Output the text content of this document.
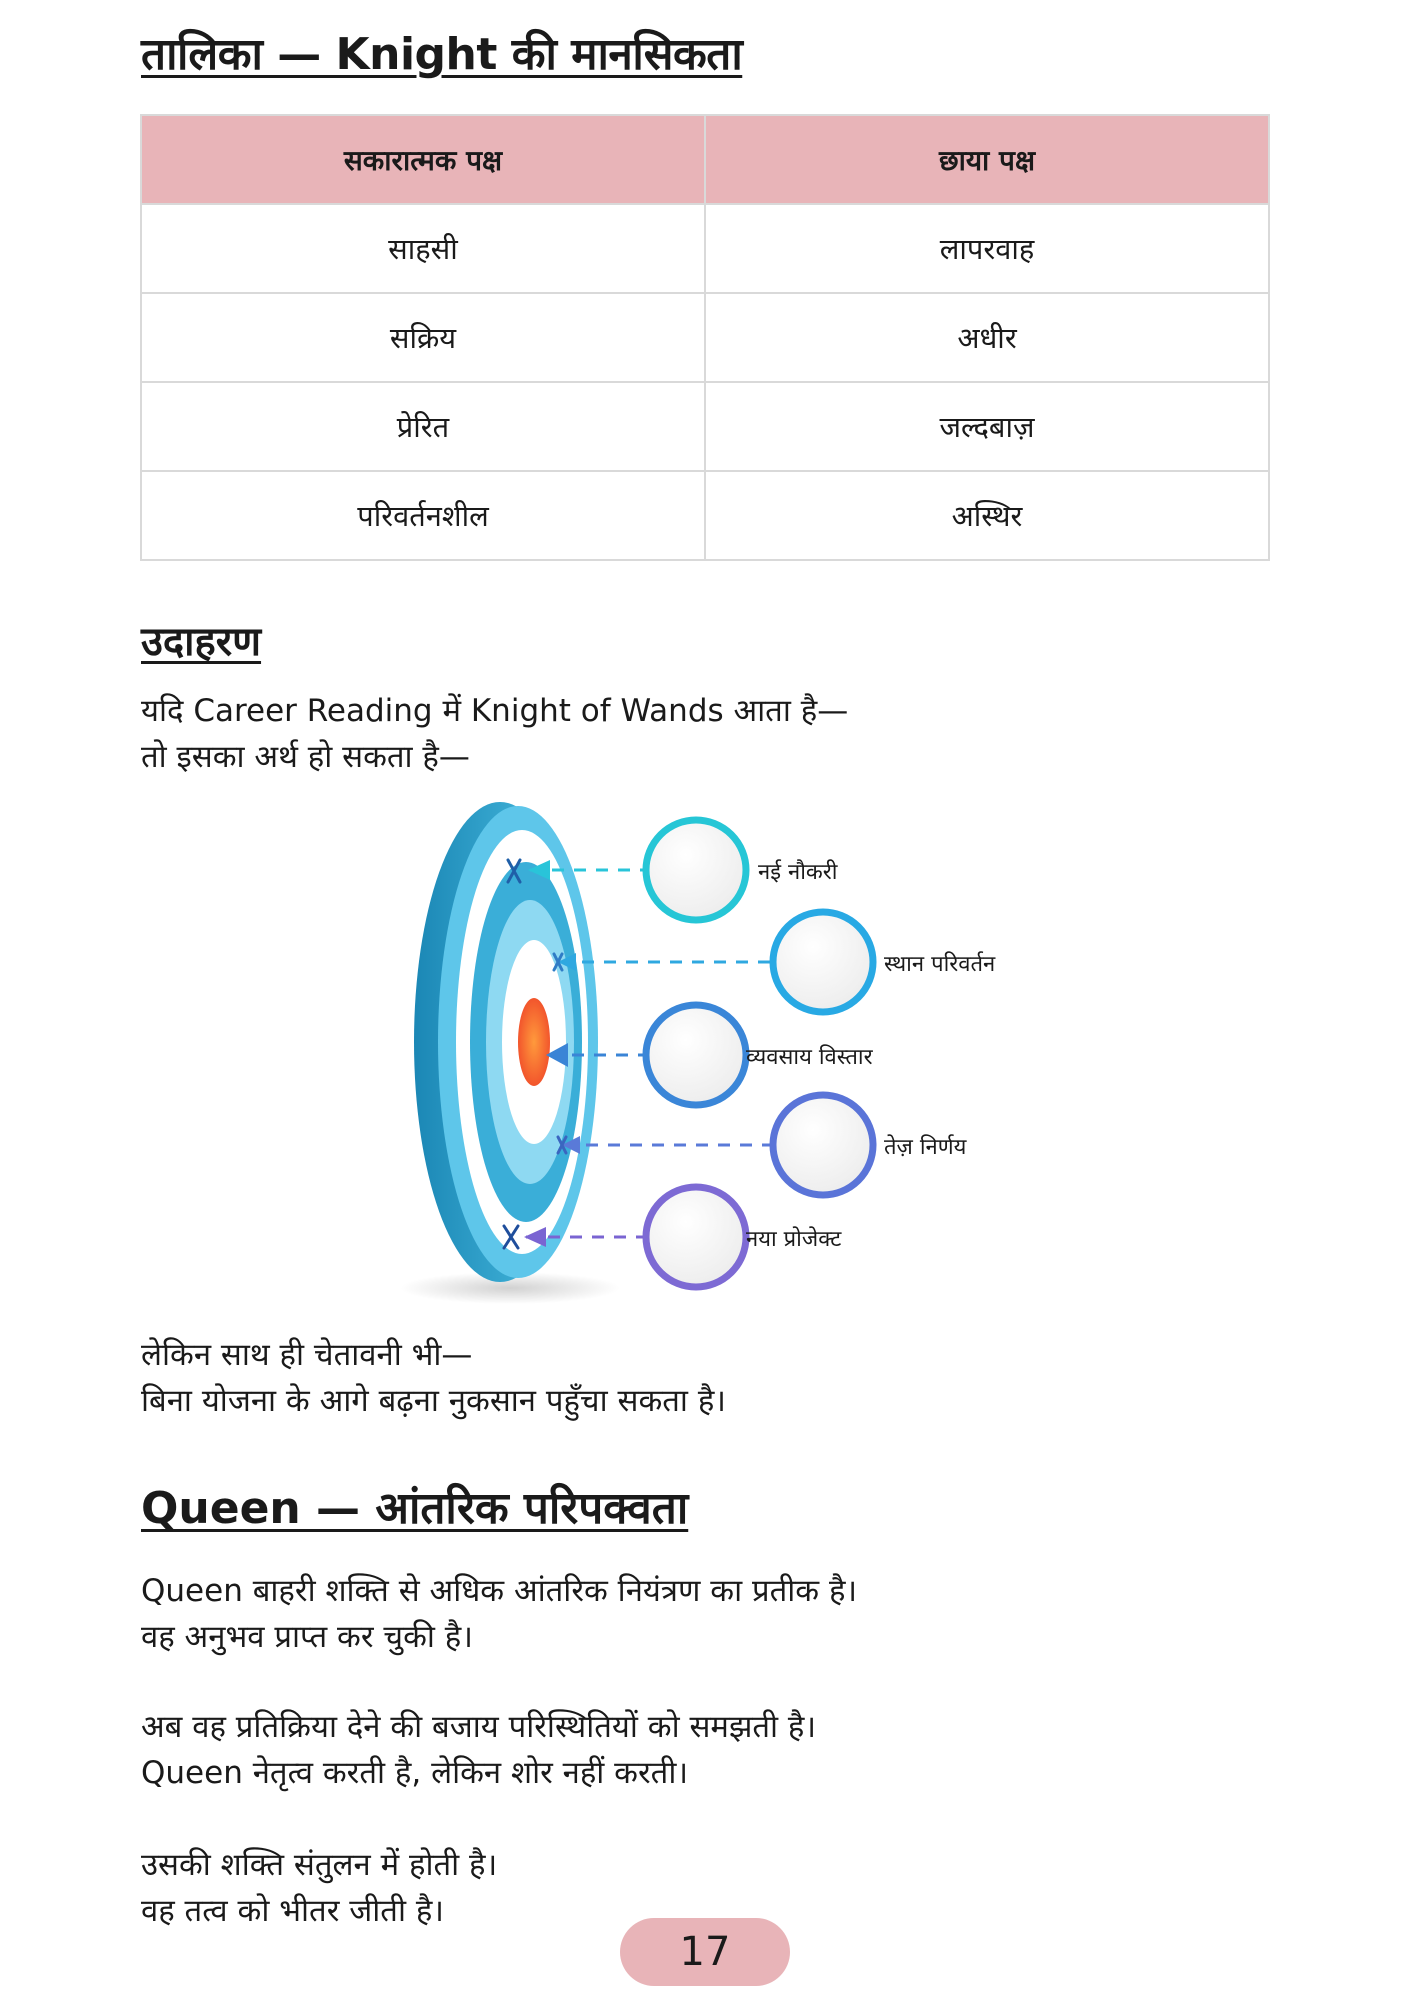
तालिका — Knight की मानसिकता
सकारात्मक पक्ष	छाया पक्ष
साहसी	लापरवाह
सक्रिय	अधीर
प्रेरित	जल्दबाज़
परिवर्तनशील	अस्थिर
उदाहरण
यदि Career Reading में Knight of Wands आता है—
तो इसका अर्थ हो सकता है—
नई नौकरी
स्थान परिवर्तन
व्यवसाय विस्तार
तेज़ निर्णय
नया प्रोजेक्ट
लेकिन साथ ही चेतावनी भी—
बिना योजना के आगे बढ़ना नुकसान पहुँचा सकता है।
Queen — आंतरिक परिपक्वता
Queen बाहरी शक्ति से अधिक आंतरिक नियंत्रण का प्रतीक है।
वह अनुभव प्राप्त कर चुकी है।
अब वह प्रतिक्रिया देने की बजाय परिस्थितियों को समझती है।
Queen नेतृत्व करती है, लेकिन शोर नहीं करती।
उसकी शक्ति संतुलन में होती है।
वह तत्व को भीतर जीती है।
17
